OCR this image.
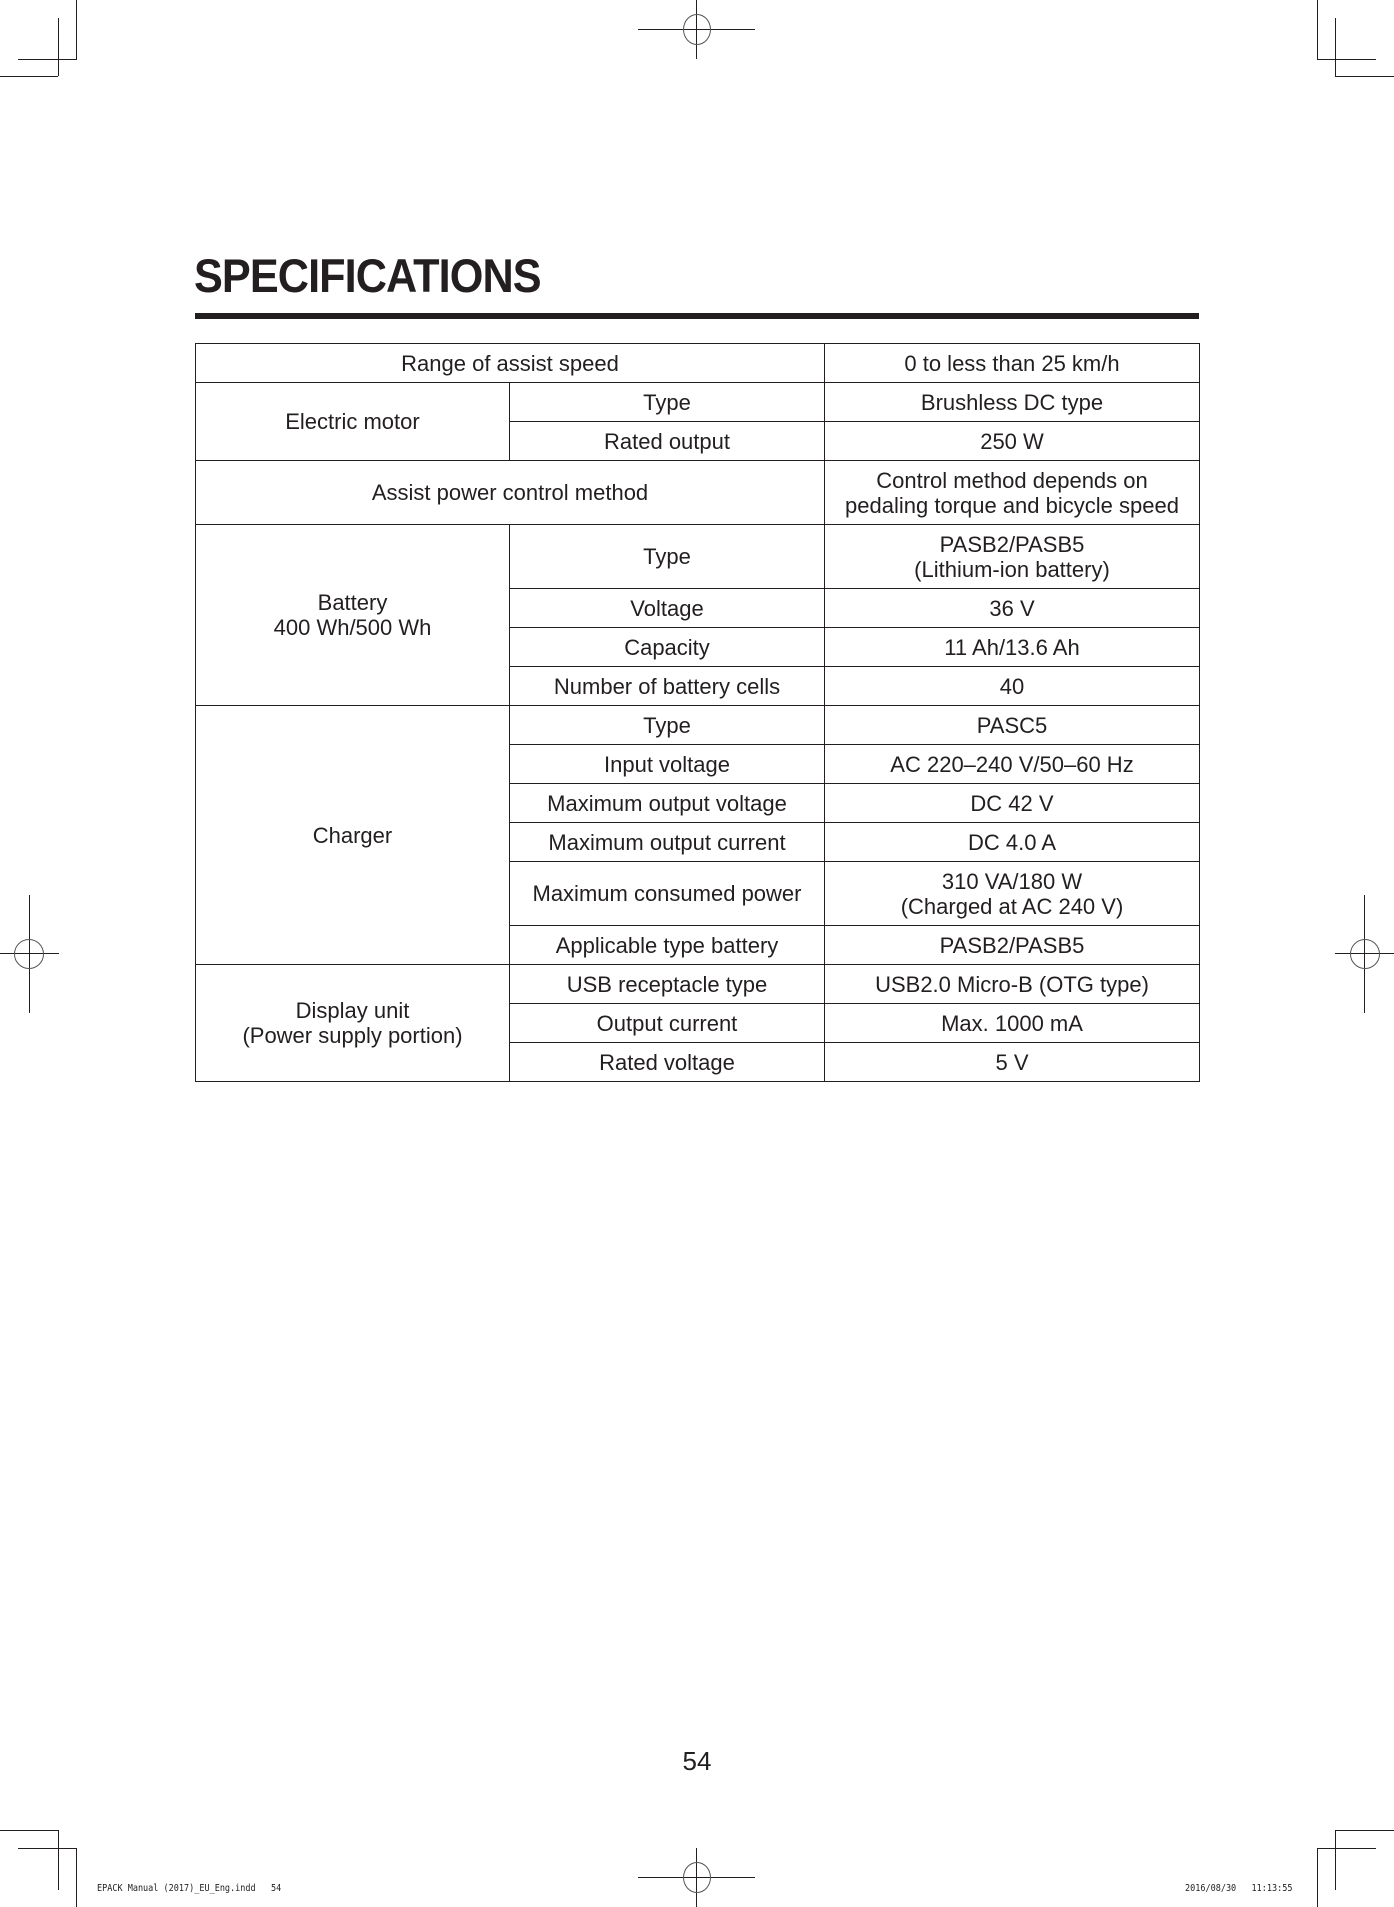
SPECIFICATIONS
Range of assist speed		0 to less than 25 km/h
Electric motor	Type	Brushless DC type
	Rated output	250 W
Assist power control method		Control method depends on
pedaling torque and bicycle speed

Battery
400 Wh/500 Wh
	Type	PASB2/PASB5
(Lithium-ion battery)

	Voltage	36 V
	Capacity	11 Ah/13.6 Ah
	Number of battery cells	40
Charger	Type	PASC5
	Input voltage	AC 220–240 V/50–60 Hz
	Maximum output voltage	DC 42 V
	Maximum output current	DC 4.0 A
	Maximum consumed power	310 VA/180 W
(Charged at AC 240 V)

	Applicable type battery	PASB2/PASB5

Display unit
(Power supply portion)	USB receptacle type	USB2.0 Micro-B (OTG type)
	Output current	Max. 1000 mA
	Rated voltage	5 V
54
EPACK Manual (2017)_EU_Eng.indd   54	2016/08/30   11:13:55
